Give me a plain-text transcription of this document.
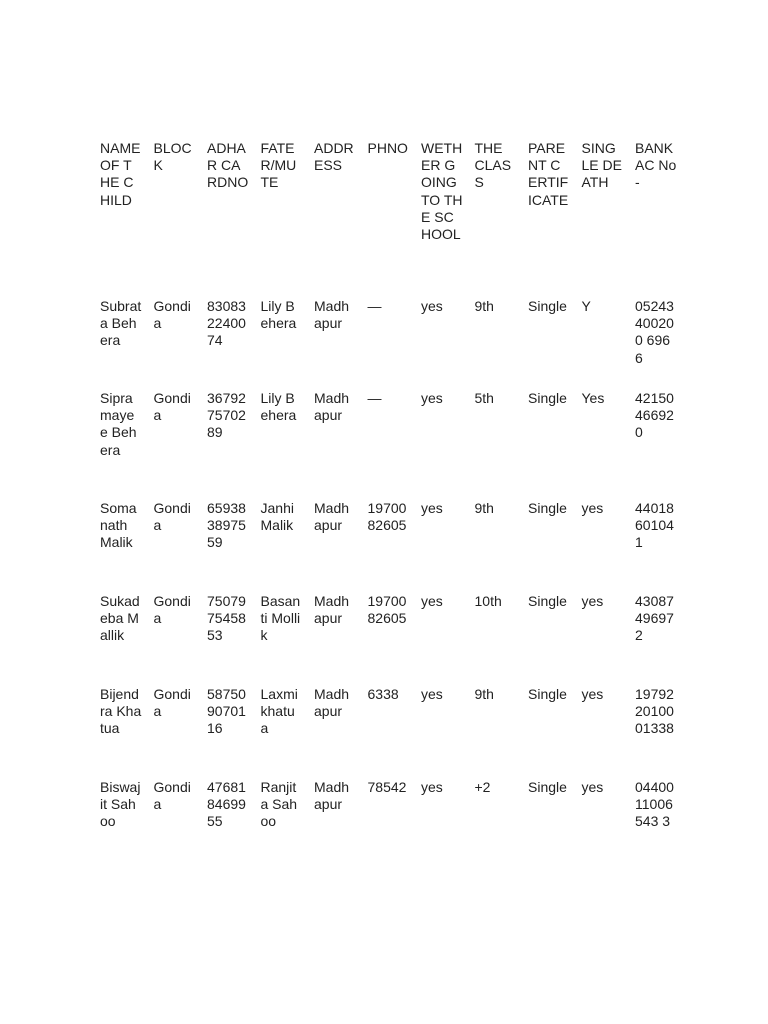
NAME OF THE CHILD	BLOCK	ADHAR CARDNO	FATER/MUTE	ADDRESS	PHNO	WETHER GOING TO THE SCHOOL	THE CLASS	PARENT CERTIFICATE	SINGLE DEATH	BANKAC No-
Subrata Behera	Gondia	830832240074	Lily Behera	Madhapur	—	yes	9th	Single	Y	05243400200 6966
Sipramaye e Behera	Gondia	367927570289	Lily Behera	Madhapur	—	yes	5th	Single	Yes	42150466920
Somanath Malik	Gondia	659383897559	Janhi Malik	Madhapur	1970082605	yes	9th	Single	yes	44018601041
Sukadeba Mallik	Gondia	750797545853	Basanti Mollik	Madhapur	1970082605	yes	10th	Single	yes	43087496972
Bijendra Khatua	Gondia	587509070116	Laxmi khatua	Madhapur	6338	yes	9th	Single	yes	197922010001338
Biswajit Sahoo	Gondia	476818469955	Ranjita Sahoo	Madhapur	78542	yes	+2	Single	yes	0440011006543 3
